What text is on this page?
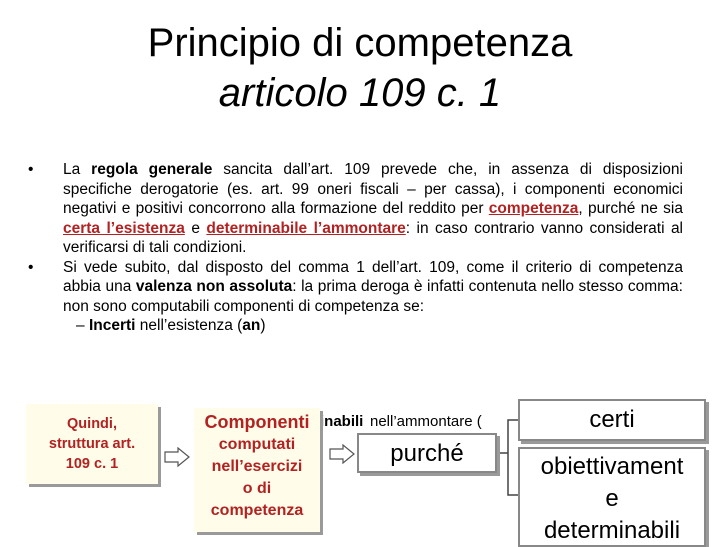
Principio di competenza
articolo 109 c. 1
• La regola generale sancita dall’art. 109 prevede che, in assenza di disposizioni specifiche derogatorie (es. art. 99 oneri fiscali – per cassa), i componenti economici negativi e positivi concorrono alla formazione del reddito per competenza, purché ne sia certa l’esistenza e determinabile l’ammontare: in caso contrario vanno considerati al verificarsi di tali condizioni.
• Si vede subito, dal disposto del comma 1 dell’art. 109, come il criterio di competenza abbia una valenza non assoluta: la prima deroga è infatti contenuta nello stesso comma: non sono computabili componenti di competenza se:
– Incerti nell’esistenza (an)
inabili nell’ammontare (
Quindi,
struttura art.
109 c. 1
Componenti
computati
nell’esercizi
o di
competenza
purché
certi
obiettivament
e
determinabili
